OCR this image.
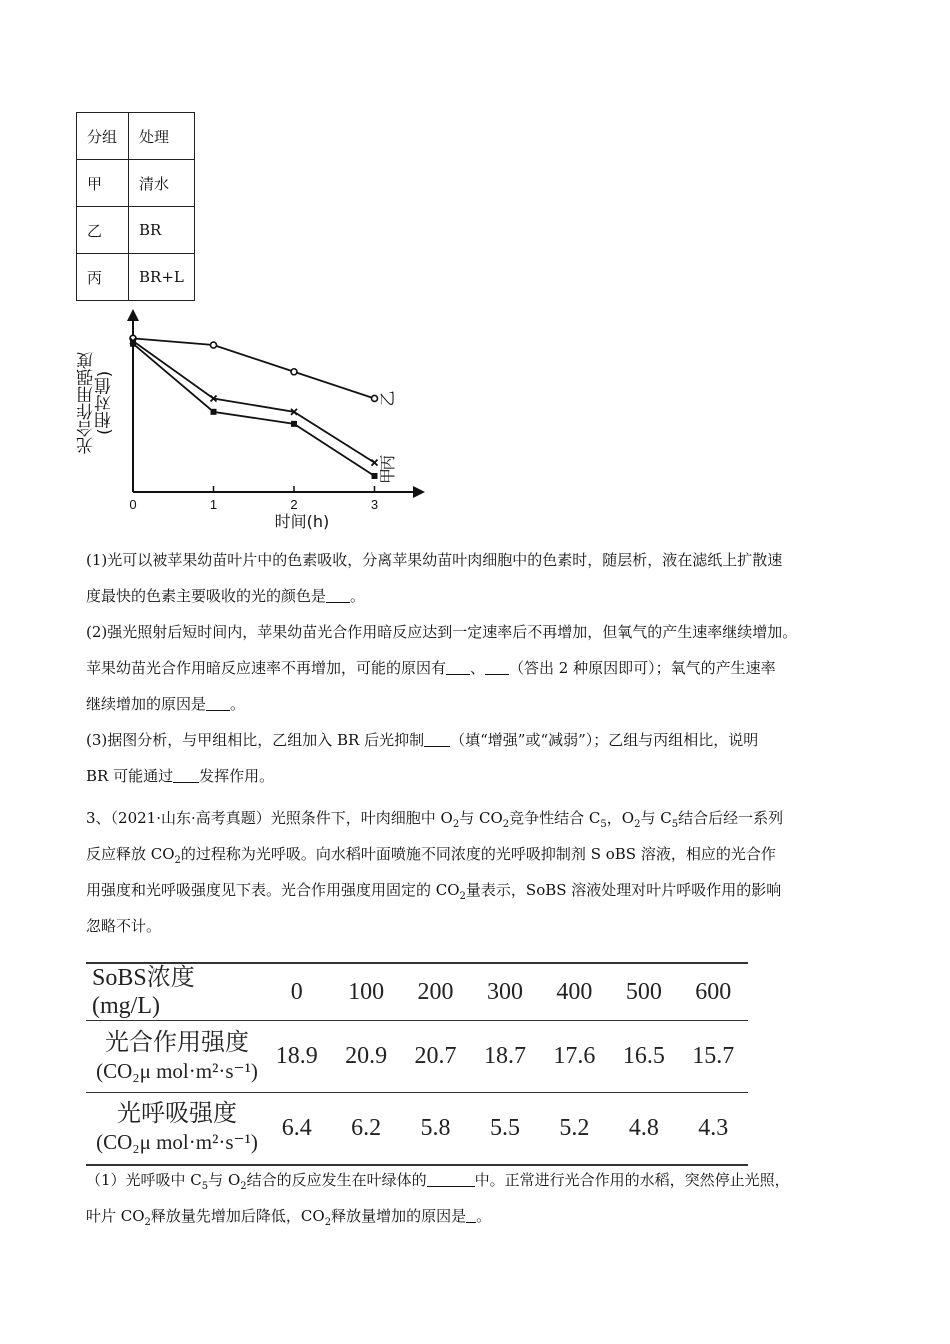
分组	处理
甲	清水
乙	BR
丙	BR+L
光合作用强度
(相对值)
0	1	2	3
时间(h)
乙
丙
甲

(1)光可以被苹果幼苗叶片中的色素吸收，分离苹果幼苗叶肉细胞中的色素时，随层析，液在滤纸上扩散速

度最快的色素主要吸收的光的颜色是 。

(2)强光照射后短时间内，苹果幼苗光合作用暗反应达到一定速率后不再增加，但氧气的产生速率继续增加。

苹果幼苗光合作用暗反应速率不再增加，可能的原因有 、 （答出 2 种原因即可）；氧气的产生速率

继续增加的原因是 。

(3)据图分析，与甲组相比，乙组加入 BR 后光抑制 （填“增强”或“减弱”）；乙组与丙组相比，说明

BR 可能通过 发挥作用。

3、（2021·山东·高考真题）光照条件下，叶肉细胞中 $O_2$与 $CO_2$竞争性结合 $C_5$，$O_2$与 $C_5$结合后经一系列

反应释放 $CO_2$的过程称为光呼吸。向水稻叶面喷施不同浓度的光呼吸抑制剂 S oBS 溶液，相应的光合作

用强度和光呼吸强度见下表。光合作用强度用固定的 $CO_2$量表示，SoBS 溶液处理对叶片呼吸作用的影响

忽略不计。

SoBS浓度(mg/L)	0	100	200	300	400	500	600
光合作用强度
(CO₂μ mol·m²·s⁻¹)	18.9	20.9	20.7	18.7	17.6	16.5	15.7
光呼吸强度
(CO₂μ mol·m²·s⁻¹)	6.4	6.2	5.8	5.5	5.2	4.8	4.3

（1）光呼吸中 $C_5$与 $O_2$结合的反应发生在叶绿体的	中。正常进行光合作用的水稻，突然停止光照，

叶片 $CO_2$释放量先增加后降低，$CO_2$释放量增加的原因是 。
